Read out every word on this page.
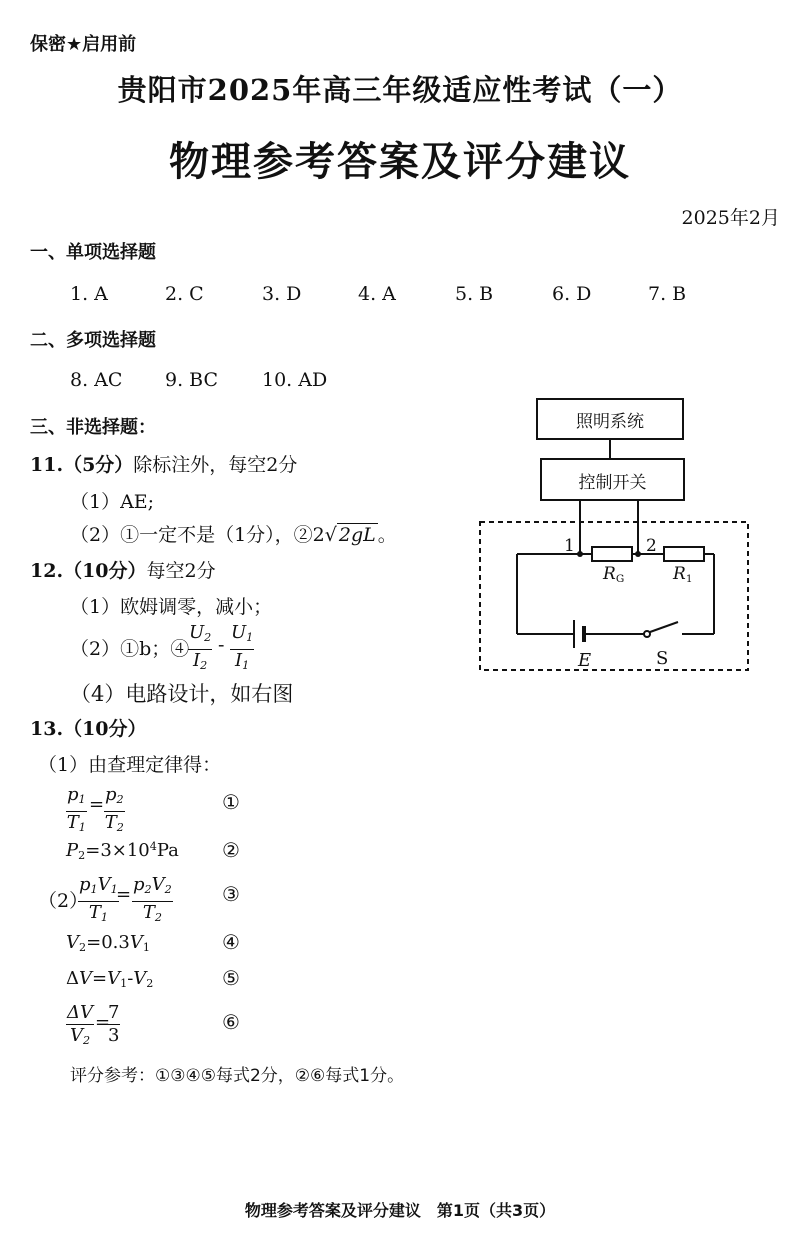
保密★启用前
贵阳市2025年高三年级适应性考试（一）
物理参考答案及评分建议
2025年2月
一、单项选择题
1. A	2. C	3. D	4. A	5. B	6. D	7. B
二、多项选择题
8. AC 9. BC 10. AD
三、非选择题：
11.（5分）除标注外，每空2分
（1）AE;
（2）①一定不是（1分），②2√ 2gL 。
12.（10分）每空2分
（1）欧姆调零，减小；
（2）①b；④
$\frac{U_2}{I_2} - \frac{U_1}{I_1}$
（4）电路设计，如右图
13.（10分）
（1）由查理定律得：
$\frac{p_1}{T_1} = \frac{p_2}{T_2}$	①
$P_2=3\times 10^4Pa$ ②
（2）
$\frac{p_1V_1}{T_1}$
= $\frac{p_2V_2}{T_2}$ ③
$V_2=0.3V_1$	④
$\Delta V=V_1-V_2$	⑤
$\frac{\Delta V}{V_2}$ =
$\frac{7}{3}$	⑥
评分参考：①③④⑤每式2分，②⑥每式1分。
照明系统
控制开关
1	2
$R_G$	$R_1$
E	S
物理参考答案及评分建议　第1页（共3页）
